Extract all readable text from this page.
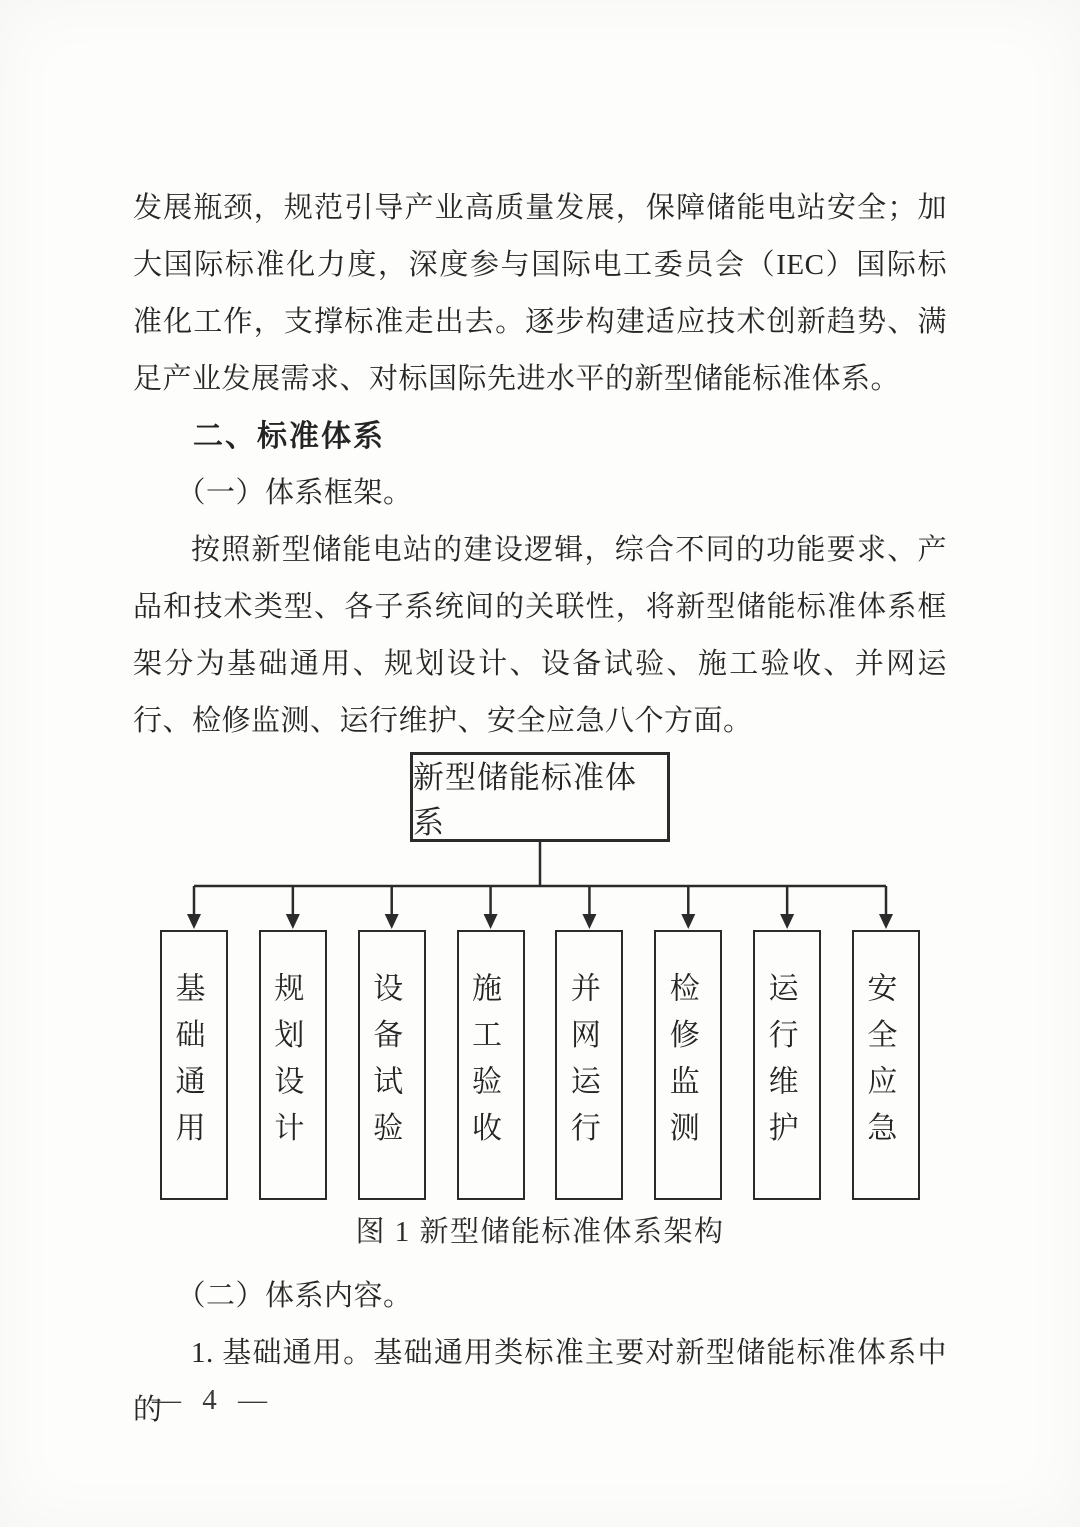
发展瓶颈，规范引导产业高质量发展，保障储能电站安全；加大国际标准化力度，深度参与国际电工委员会（IEC）国际标准化工作，支撑标准走出去。逐步构建适应技术创新趋势、满足产业发展需求、对标国际先进水平的新型储能标准体系。

二、标准体系

（一）体系框架。

按照新型储能电站的建设逻辑，综合不同的功能要求、产品和技术类型、各子系统间的关联性，将新型储能标准体系框架分为基础通用、规划设计、设备试验、施工验收、并网运行、检修监测、运行维护、安全应急八个方面。

新型储能标准体系
基础通用	规划设计	设备试验	施工验收	并网运行	检修监测	运行维护	安全应急
图 1 新型储能标准体系架构

（二）体系内容。

1. 基础通用。基础通用类标准主要对新型储能标准体系中的

— 4 —
